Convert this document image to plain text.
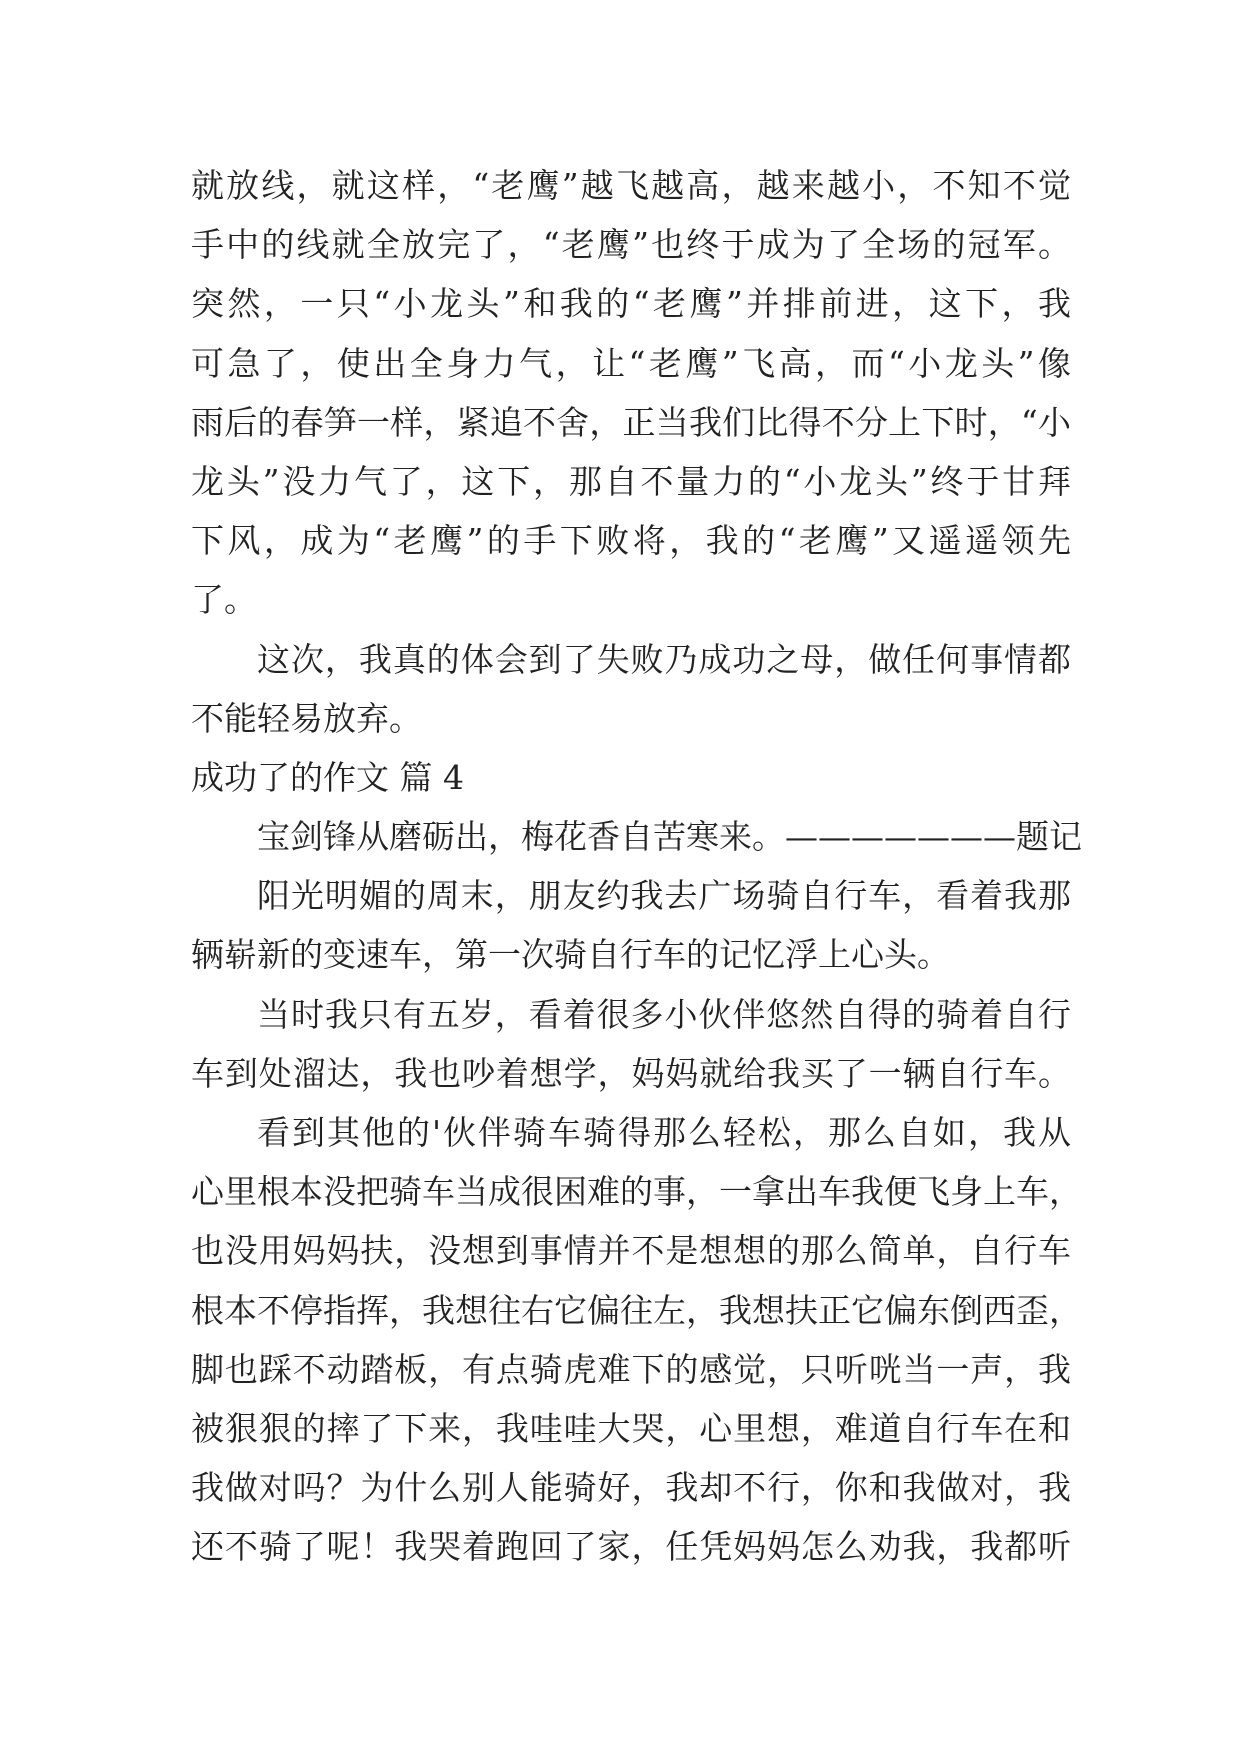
就放线，就这样，“老鹰”越飞越高，越来越小，不知不觉
手中的线就全放完了，“老鹰”也终于成为了全场的冠军。
突然，一只“小龙头”和我的“老鹰”并排前进，这下，我
可急了，使出全身力气，让“老鹰”飞高，而“小龙头”像
雨后的春笋一样，紧追不舍，正当我们比得不分上下时，“小
龙头”没力气了，这下，那自不量力的“小龙头”终于甘拜
下风，成为“老鹰”的手下败将，我的“老鹰”又遥遥领先
了。
这次，我真的体会到了失败乃成功之母，做任何事情都
不能轻易放弃。
成功了的作文 篇 4
宝剑锋从磨砺出，梅花香自苦寒来。———————题记
阳光明媚的周末，朋友约我去广场骑自行车，看着我那
辆崭新的变速车，第一次骑自行车的记忆浮上心头。
当时我只有五岁，看着很多小伙伴悠然自得的骑着自行
车到处溜达，我也吵着想学，妈妈就给我买了一辆自行车。
看到其他的'伙伴骑车骑得那么轻松，那么自如，我从
心里根本没把骑车当成很困难的事，一拿出车我便飞身上车，
也没用妈妈扶，没想到事情并不是想想的那么简单，自行车
根本不停指挥，我想往右它偏往左，我想扶正它偏东倒西歪，
脚也踩不动踏板，有点骑虎难下的感觉，只听咣当一声，我
被狠狠的摔了下来，我哇哇大哭，心里想，难道自行车在和
我做对吗？为什么别人能骑好，我却不行，你和我做对，我
还不骑了呢！我哭着跑回了家，任凭妈妈怎么劝我，我都听
